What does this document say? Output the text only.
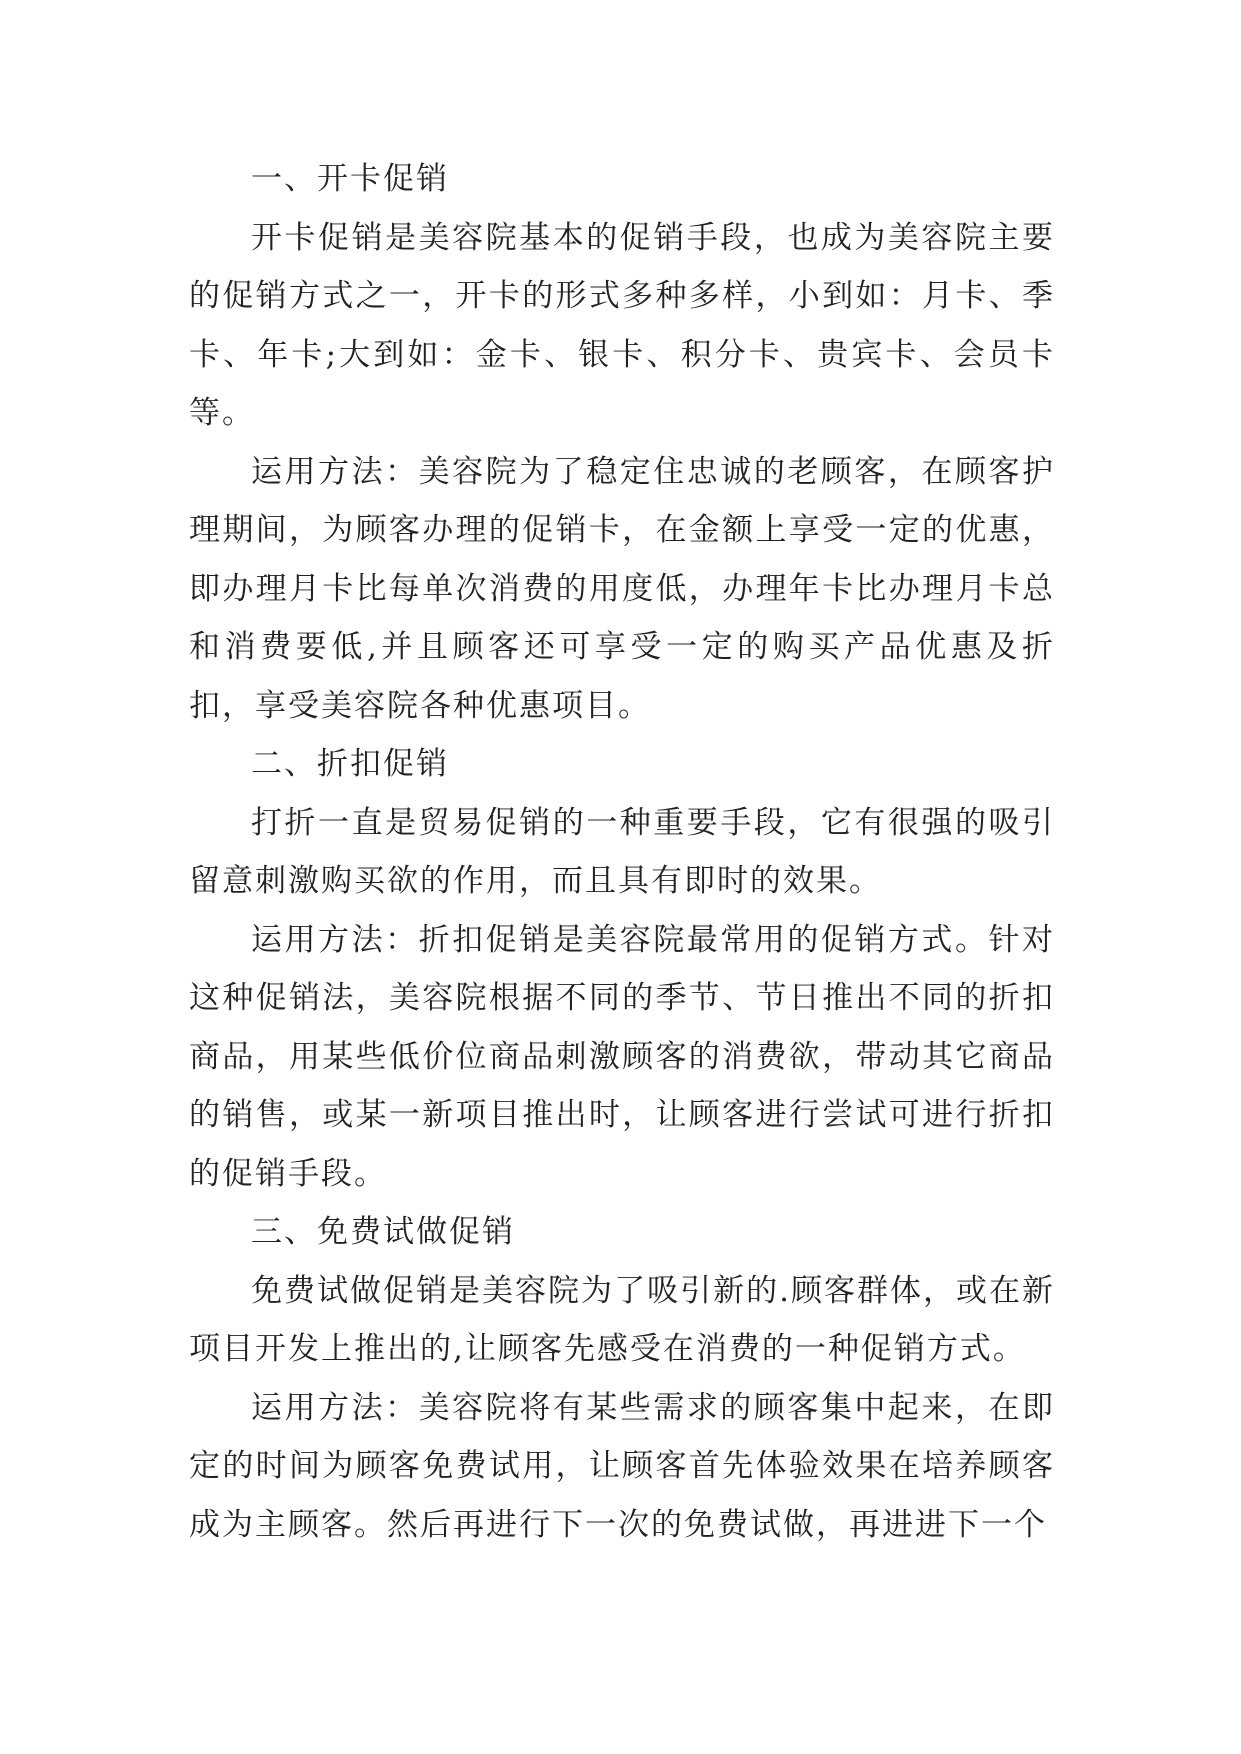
一、开卡促销

开卡促销是美容院基本的促销手段，也成为美容院主要的促销方式之一，开卡的形式多种多样，小到如：月卡、季卡、年卡;大到如：金卡、银卡、积分卡、贵宾卡、会员卡等。

运用方法：美容院为了稳定住忠诚的老顾客，在顾客护理期间，为顾客办理的促销卡，在金额上享受一定的优惠，即办理月卡比每单次消费的用度低，办理年卡比办理月卡总和消费要低,并且顾客还可享受一定的购买产品优惠及折扣，享受美容院各种优惠项目。

二、折扣促销

打折一直是贸易促销的一种重要手段，它有很强的吸引留意刺激购买欲的作用，而且具有即时的效果。

运用方法：折扣促销是美容院最常用的促销方式。针对这种促销法，美容院根据不同的季节、节日推出不同的折扣商品，用某些低价位商品刺激顾客的消费欲，带动其它商品的销售，或某一新项目推出时，让顾客进行尝试可进行折扣的促销手段。

三、免费试做促销

免费试做促销是美容院为了吸引新的.顾客群体，或在新项目开发上推出的,让顾客先感受在消费的一种促销方式。

运用方法：美容院将有某些需求的顾客集中起来，在即定的时间为顾客免费试用，让顾客首先体验效果在培养顾客成为主顾客。然后再进行下一次的免费试做，再进进下一个
